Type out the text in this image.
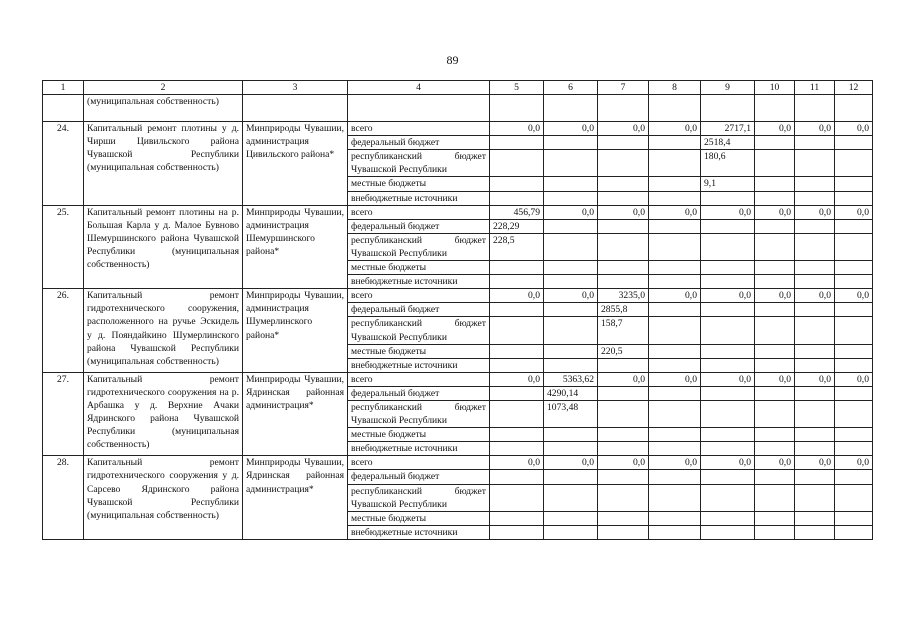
89
1	2	3	4	5	6	7	8	9	10	11	12
	(муниципальная собственность)										
24.	Капитальный ремонт плотины у д. Чирши Цивильского района Чувашской Республики (муниципальная собственность)	Минприроды Чувашии, администрация Цивильского района*	всего	0,0	0,0	0,0	0,0	2717,1	0,0	0,0	0,0
			федеральный бюджет					2518,4			
			республиканский бюджет Чувашской Республики					180,6			
			местные бюджеты					9,1			
			внебюджетные источники								
25.	Капитальный ремонт плотины на р. Большая Карла у д. Малое Бувново Шемуршинского района Чувашской Республики (муниципальная собственность)	Минприроды Чувашии, администрация Шемуршинского района*	всего	456,79	0,0	0,0	0,0	0,0	0,0	0,0	0,0
			федеральный бюджет	228,29							
			республиканский бюджет Чувашской Республики	228,5							
			местные бюджеты								
			внебюджетные источники								
26.	Капитальный ремонт гидротехнического сооружения, расположенного на ручье Эскидель у д. Пояндайкино Шумерлинского района Чувашской Республики (муниципальная собственность)	Минприроды Чувашии, администрация Шумерлинского района*	всего	0,0	0,0	3235,0	0,0	0,0	0,0	0,0	0,0
			федеральный бюджет			2855,8					
			республиканский бюджет Чувашской Республики			158,7					
			местные бюджеты			220,5					
			внебюджетные источники								
27.	Капитальный ремонт гидротехнического сооружения на р. Арбашка у д. Верхние Ачаки Ядринского района Чувашской Республики (муниципальная собственность)	Минприроды Чувашии, Ядринская районная администрация*	всего	0,0	5363,62	0,0	0,0	0,0	0,0	0,0	0,0
			федеральный бюджет		4290,14						
			республиканский бюджет Чувашской Республики		1073,48						
			местные бюджеты								
			внебюджетные источники								
28.	Капитальный ремонт гидротехнического сооружения у д. Сарсево Ядринского района Чувашской Республики (муниципальная собственность)	Минприроды Чувашии, Ядринская районная администрация*	всего	0,0	0,0	0,0	0,0	0,0	0,0	0,0	0,0
			федеральный бюджет								
			республиканский бюджет Чувашской Республики								
			местные бюджеты								
			внебюджетные источники								
